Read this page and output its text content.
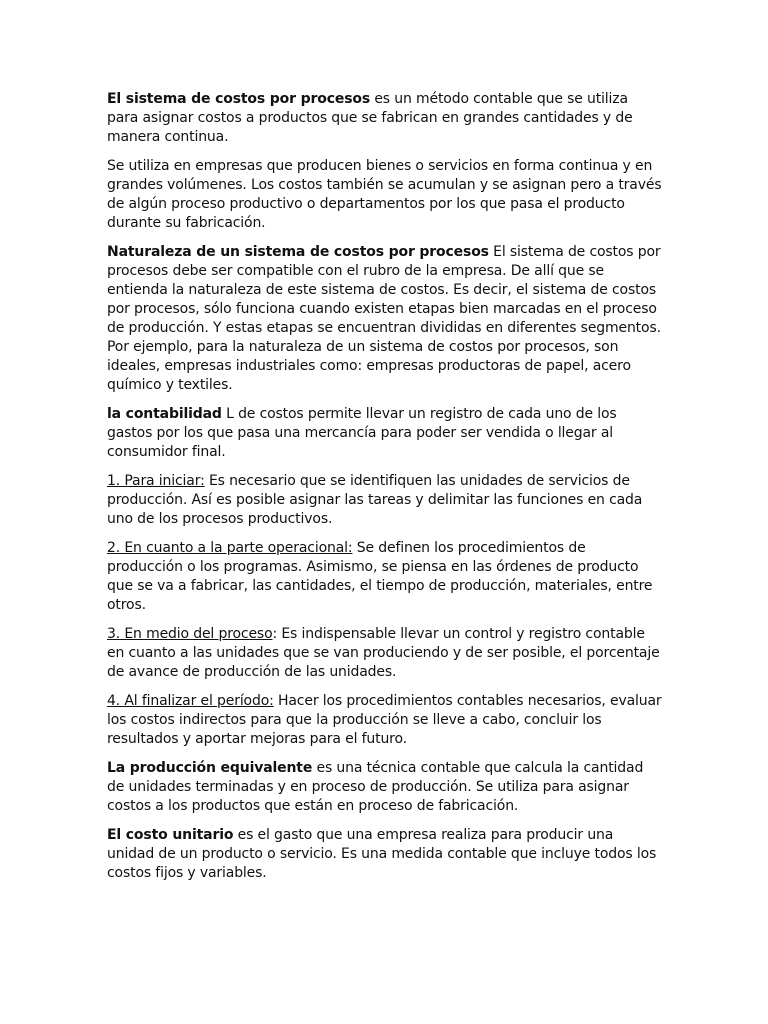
El sistema de costos por procesos es un método contable que se utiliza para asignar costos a productos que se fabrican en grandes cantidades y de manera continua.

Se utiliza en empresas que producen bienes o servicios en forma continua y en grandes volúmenes. Los costos también se acumulan y se asignan pero a través de algún proceso productivo o departamentos por los que pasa el producto durante su fabricación.

Naturaleza de un sistema de costos por procesos El sistema de costos por procesos debe ser compatible con el rubro de la empresa. De allí que se entienda la naturaleza de este sistema de costos. Es decir, el sistema de costos por procesos, sólo funciona cuando existen etapas bien marcadas en el proceso de producción. Y estas etapas se encuentran divididas en diferentes segmentos. Por ejemplo, para la naturaleza de un sistema de costos por procesos, son ideales, empresas industriales como: empresas productoras de papel, acero químico y textiles.

la contabilidad L de costos permite llevar un registro de cada uno de los gastos por los que pasa una mercancía para poder ser vendida o llegar al consumidor final.

1. Para iniciar: Es necesario que se identifiquen las unidades de servicios de producción. Así es posible asignar las tareas y delimitar las funciones en cada uno de los procesos productivos.

2. En cuanto a la parte operacional: Se definen los procedimientos de producción o los programas. Asimismo, se piensa en las órdenes de producto que se va a fabricar, las cantidades, el tiempo de producción, materiales, entre otros.

3. En medio del proceso: Es indispensable llevar un control y registro contable en cuanto a las unidades que se van produciendo y de ser posible, el porcentaje de avance de producción de las unidades.

4. Al finalizar el período: Hacer los procedimientos contables necesarios, evaluar los costos indirectos para que la producción se lleve a cabo, concluir los resultados y aportar mejoras para el futuro.

La producción equivalente es una técnica contable que calcula la cantidad de unidades terminadas y en proceso de producción. Se utiliza para asignar costos a los productos que están en proceso de fabricación.

El costo unitario es el gasto que una empresa realiza para producir una unidad de un producto o servicio. Es una medida contable que incluye todos los costos fijos y variables.
